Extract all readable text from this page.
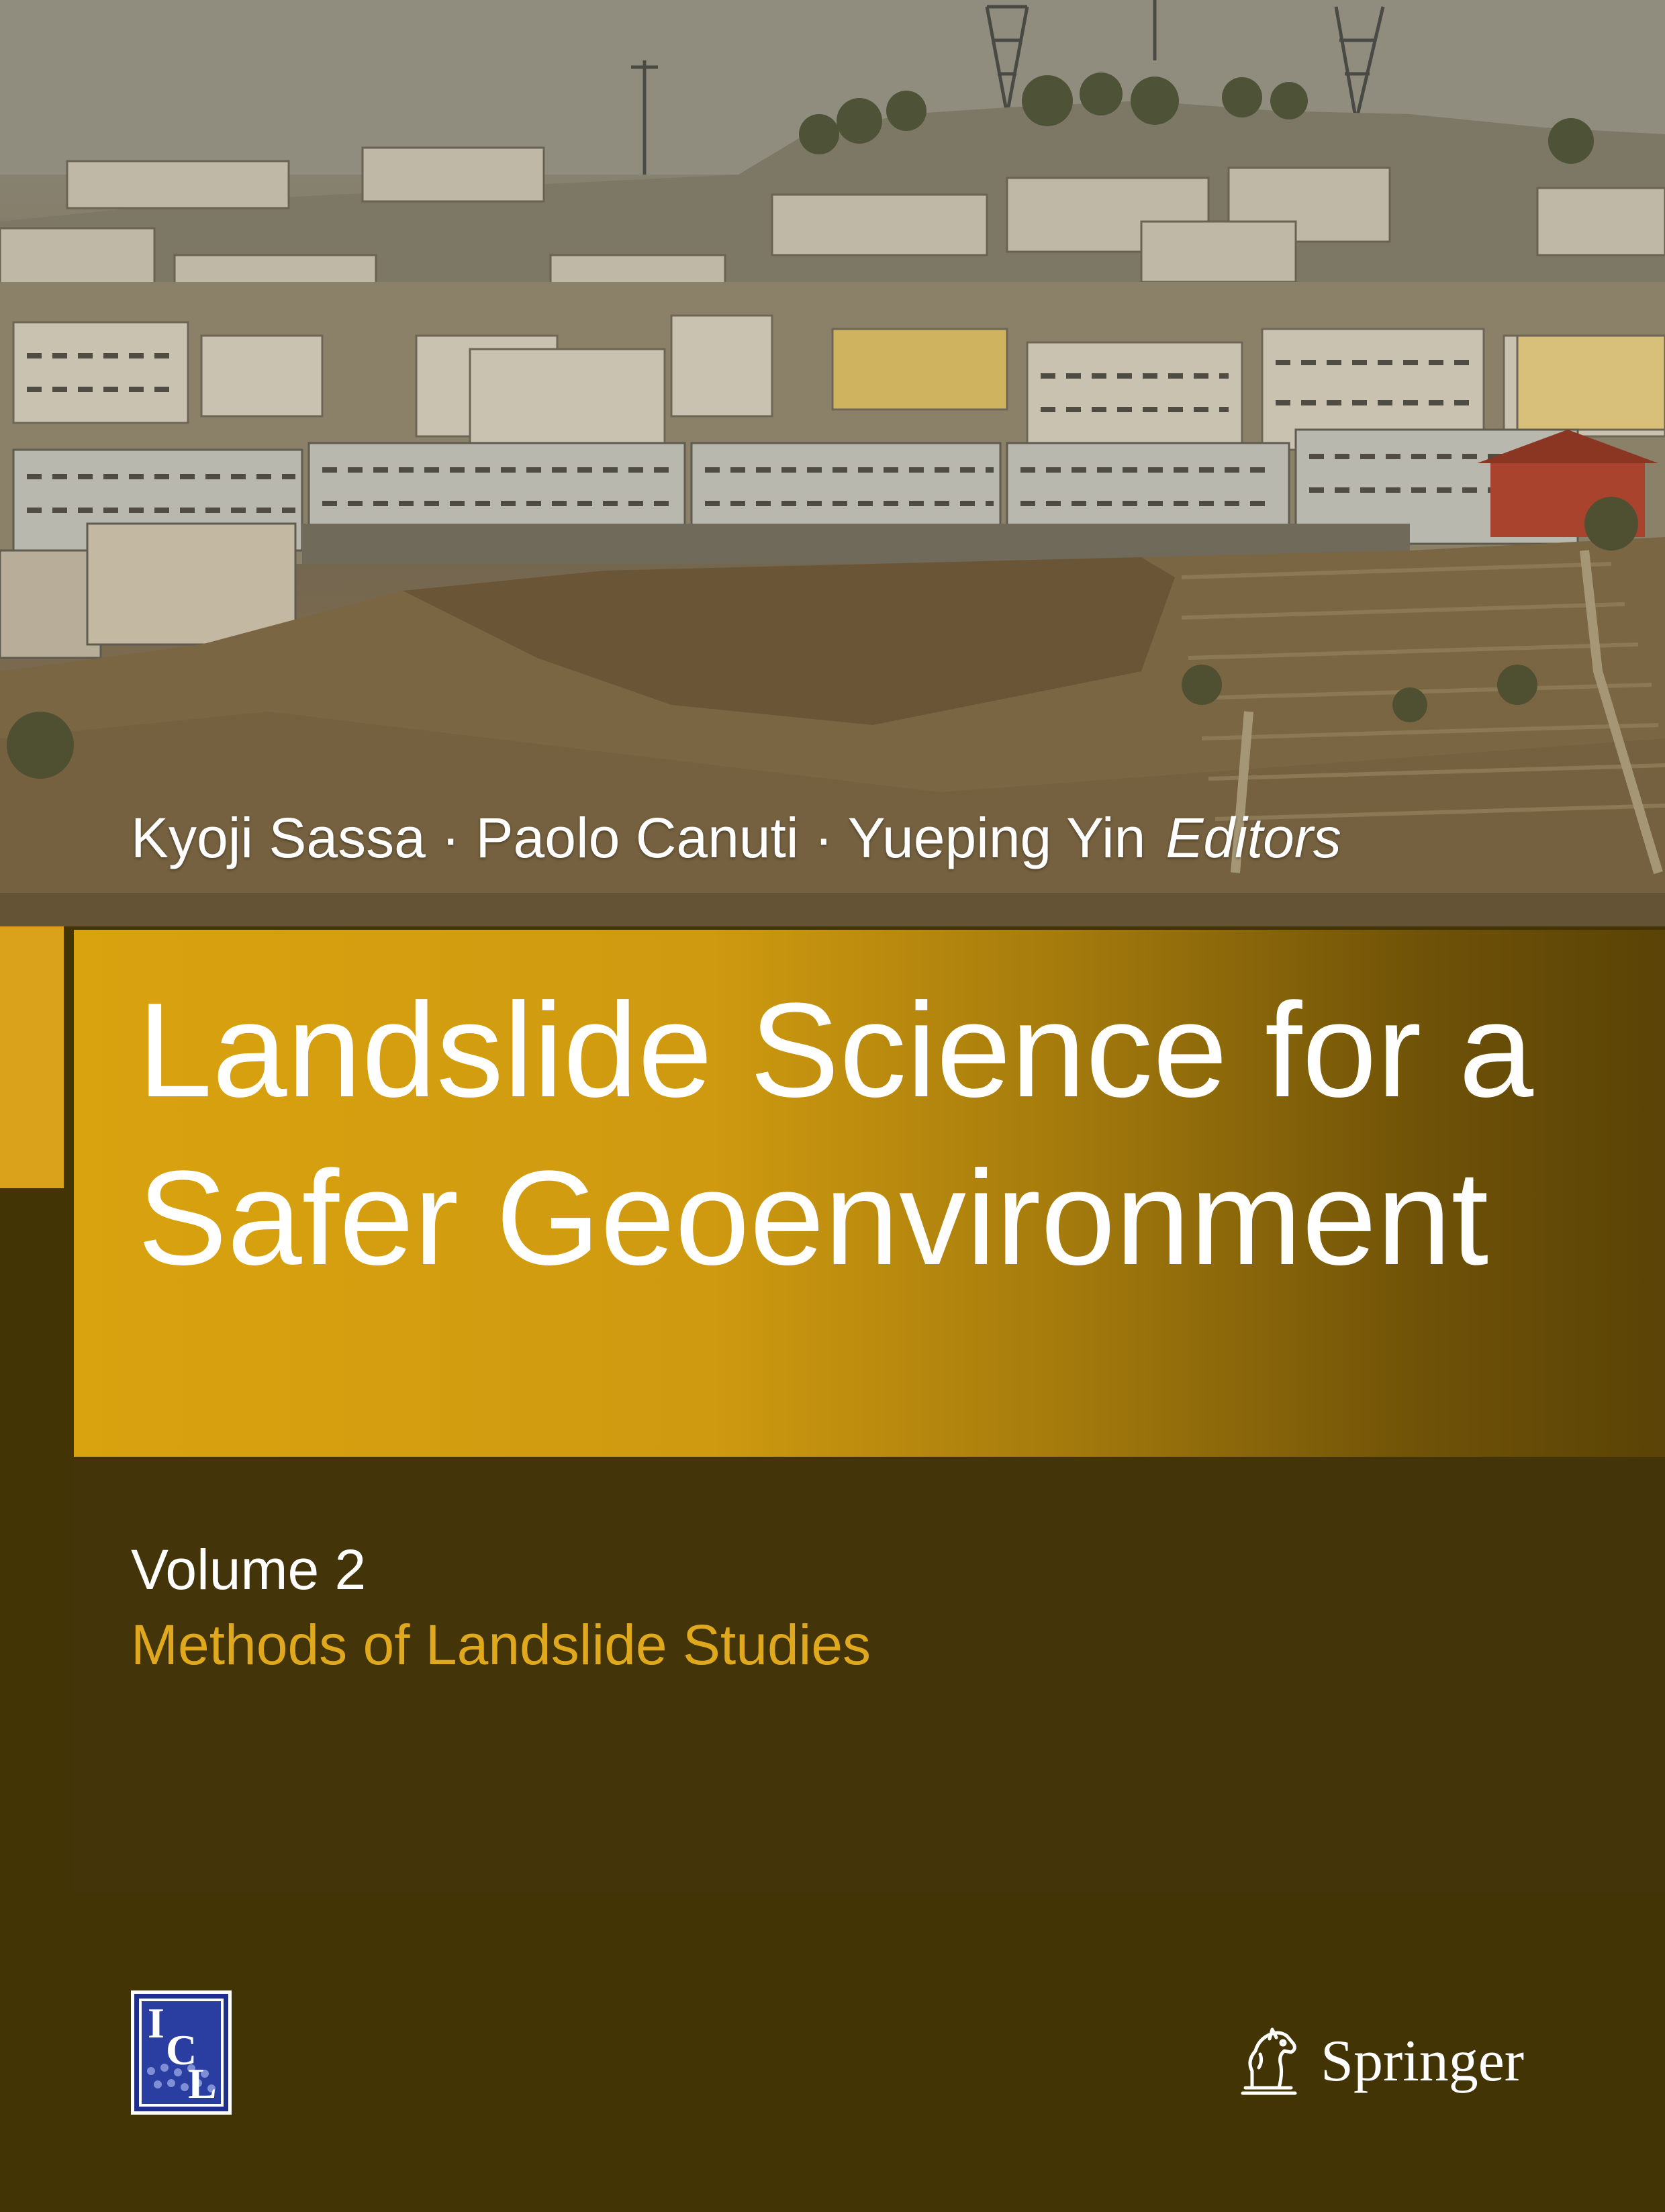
Kyoji Sassa · Paolo Canuti · Yueping Yin Editors

Landslide Science for a
Safer Geoenvironment

Volume 2

Methods of Landslide Studies

I
C
L	Springer
